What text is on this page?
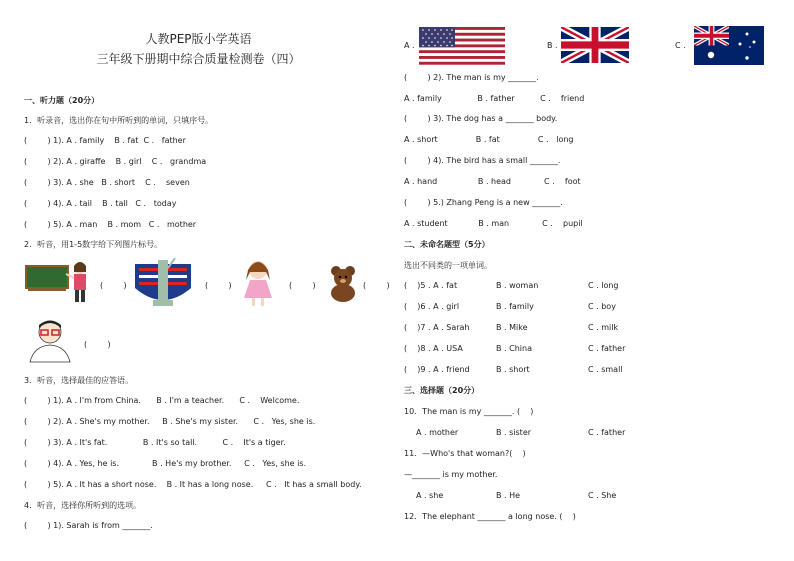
人教PEP版小学英语
三年级下册期中综合质量检测卷（四）
一、听力题（20分）
1．听录音，选出你在句中所听到的单词，只填序号。
(        ) 1). A . family    B . fat  C .   father
(        ) 2). A . giraffe    B . girl    C .   grandma
(        ) 3). A . she   B . short    C .    seven
(        ) 4). A . tail    B . tall   C .   today
(        ) 5). A . man    B . mom   C .   mother
2．听音，用1-5数字给下列图片标号。
(        )	(        )	(        )	(        )
(        )
3．听音，选择最佳的应答语。
(        ) 1). A . I'm from China.      B . I'm a teacher.      C .    Welcome.
(        ) 2). A . She's my mother.     B . She's my sister.      C .   Yes, she is.
(        ) 3). A . It's fat.              B . It's so tall.          C .    It's a tiger.
(        ) 4). A . Yes, he is.             B . He's my brother.     C .   Yes, she is.
(        ) 5). A . It has a short nose.    B . It has a long nose.     C .   It has a small body.
4．听音，选择你所听到的选项。
(        ) 1). Sarah is from _______.
A .	B .	C .
(        ) 2). The man is my _______.
A . family              B . father          C .    friend
(        ) 3). The dog has a _______ body.
A . short               B . fat               C .   long
(        ) 4). The bird has a small _______.
A . hand                B . head             C .    foot
(        ) 5.) Zhang Peng is a new _______.
A . student            B . man             C .    pupil
二、未命名题型（5分）
选出不同类的一项单词。
(    )5 . A . fat	B . woman	C . long
(    )6 . A . girl	B . family	C . boy
(    )7 . A . Sarah	B . Mike	C . milk
(    )8 . A . USA	B . China	C . father
(    )9 . A . friend	B . short	C . small
三、选择题（20分）
10．The man is my _______. (    )
A . mother	B . sister	C . father
11．—Who's that woman?(    )
—_______ is my mother.
A . she	B . He	C . She
12．The elephant _______ a long nose. (    )
